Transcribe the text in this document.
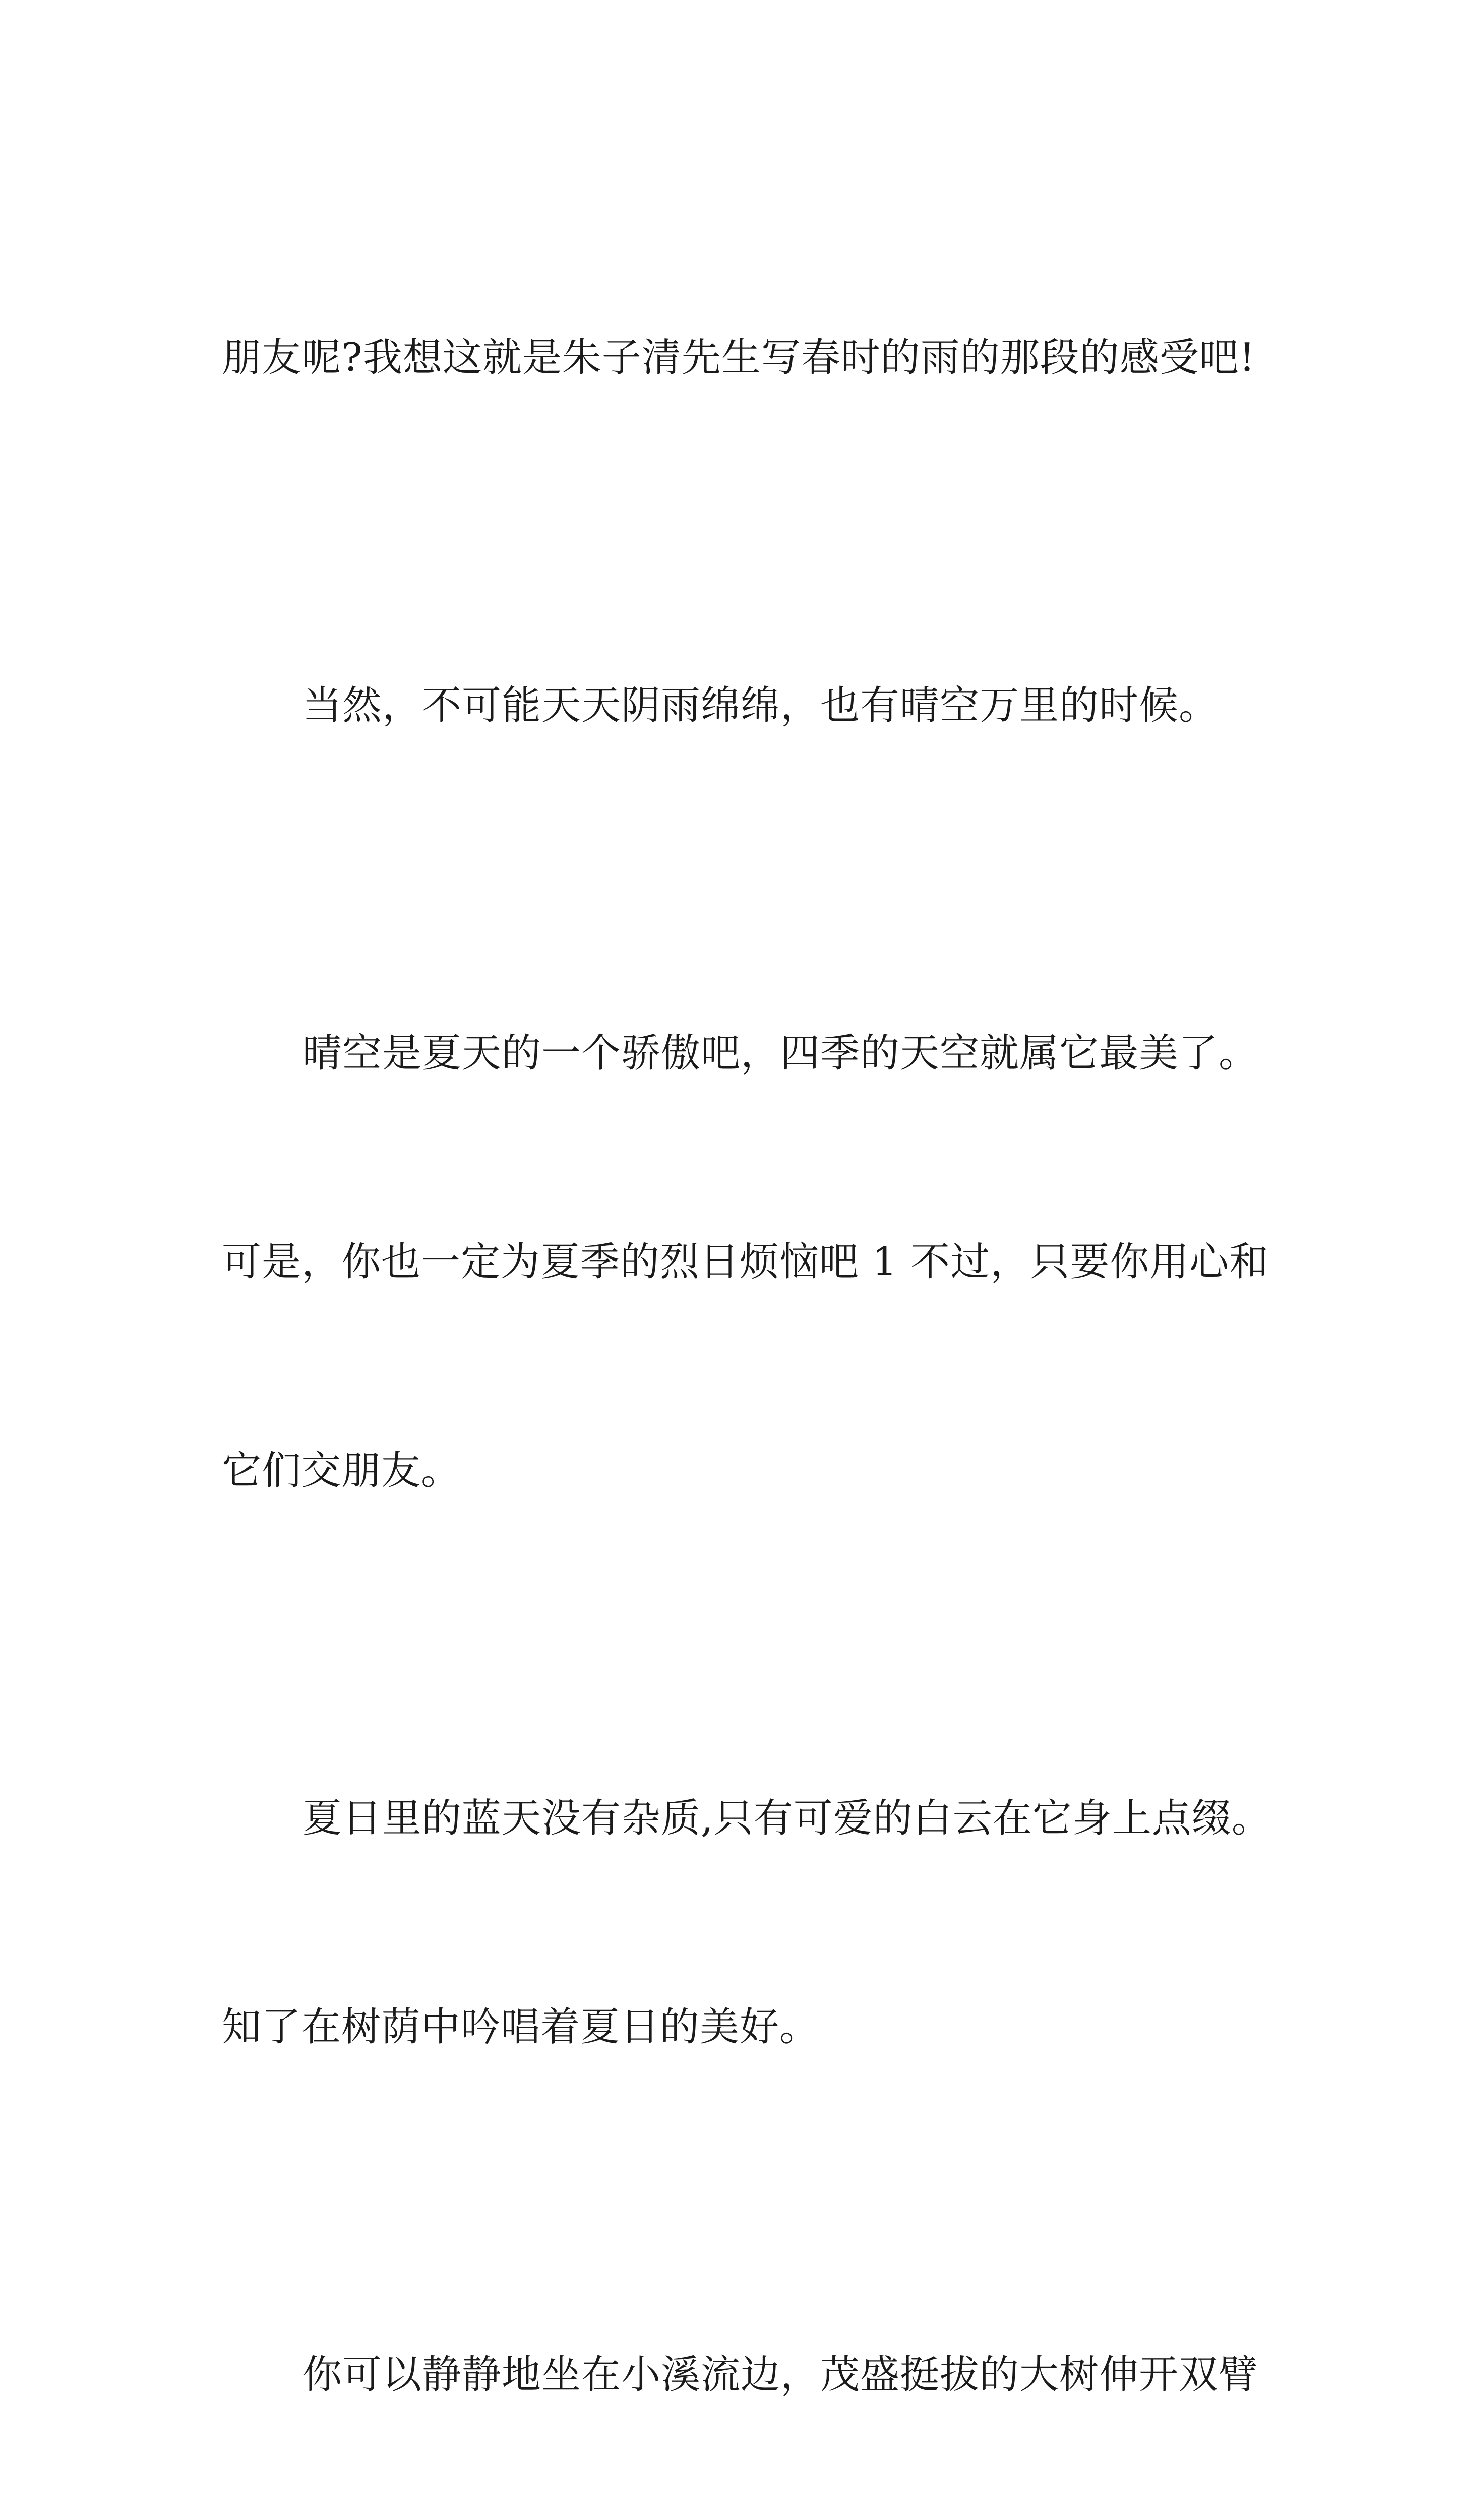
朋友呢?我想这就是朱子清先生写春时的雨的那段的感受吧!

当然，不可能天天阴雨绵绵，也有晴空万里的时候。

晴空是夏天的一个骄傲吧，四季的天空就属它最美了。

可是，你也一定为夏季的烈日烦恼吧 1 不过，只要你用心和

它们交朋友。

夏日里的蓝天没有杂质,只有可爱的白云在它身上点缀。

知了在树荫中吟唱着夏日的美好。

你可以静静地坐在小溪流边，茂盛挺拔的大树伸开双臂
